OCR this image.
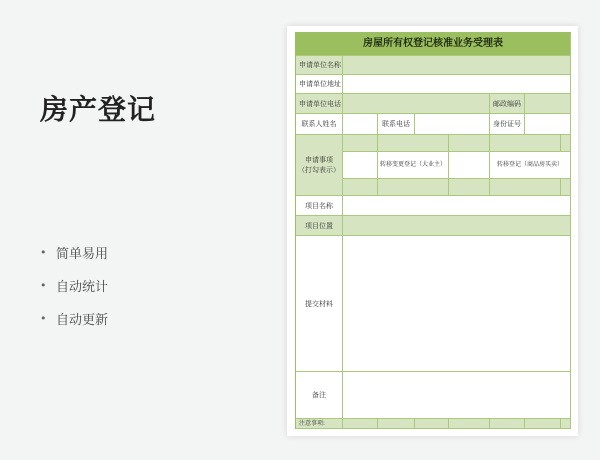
房产登记
• 简单易用
• 自动统计
• 自动更新
房屋所有权登记核准业务受理表
申请单位名称
申请单位地址
申请单位电话	邮政编码
联系人姓名	联系电话	身份证号
申请事项
（打勾表示）
转移变更登记（大业主）	转移登记（商品房买卖）
项目名称
项目位置
提交材料
备注
注意事项:
